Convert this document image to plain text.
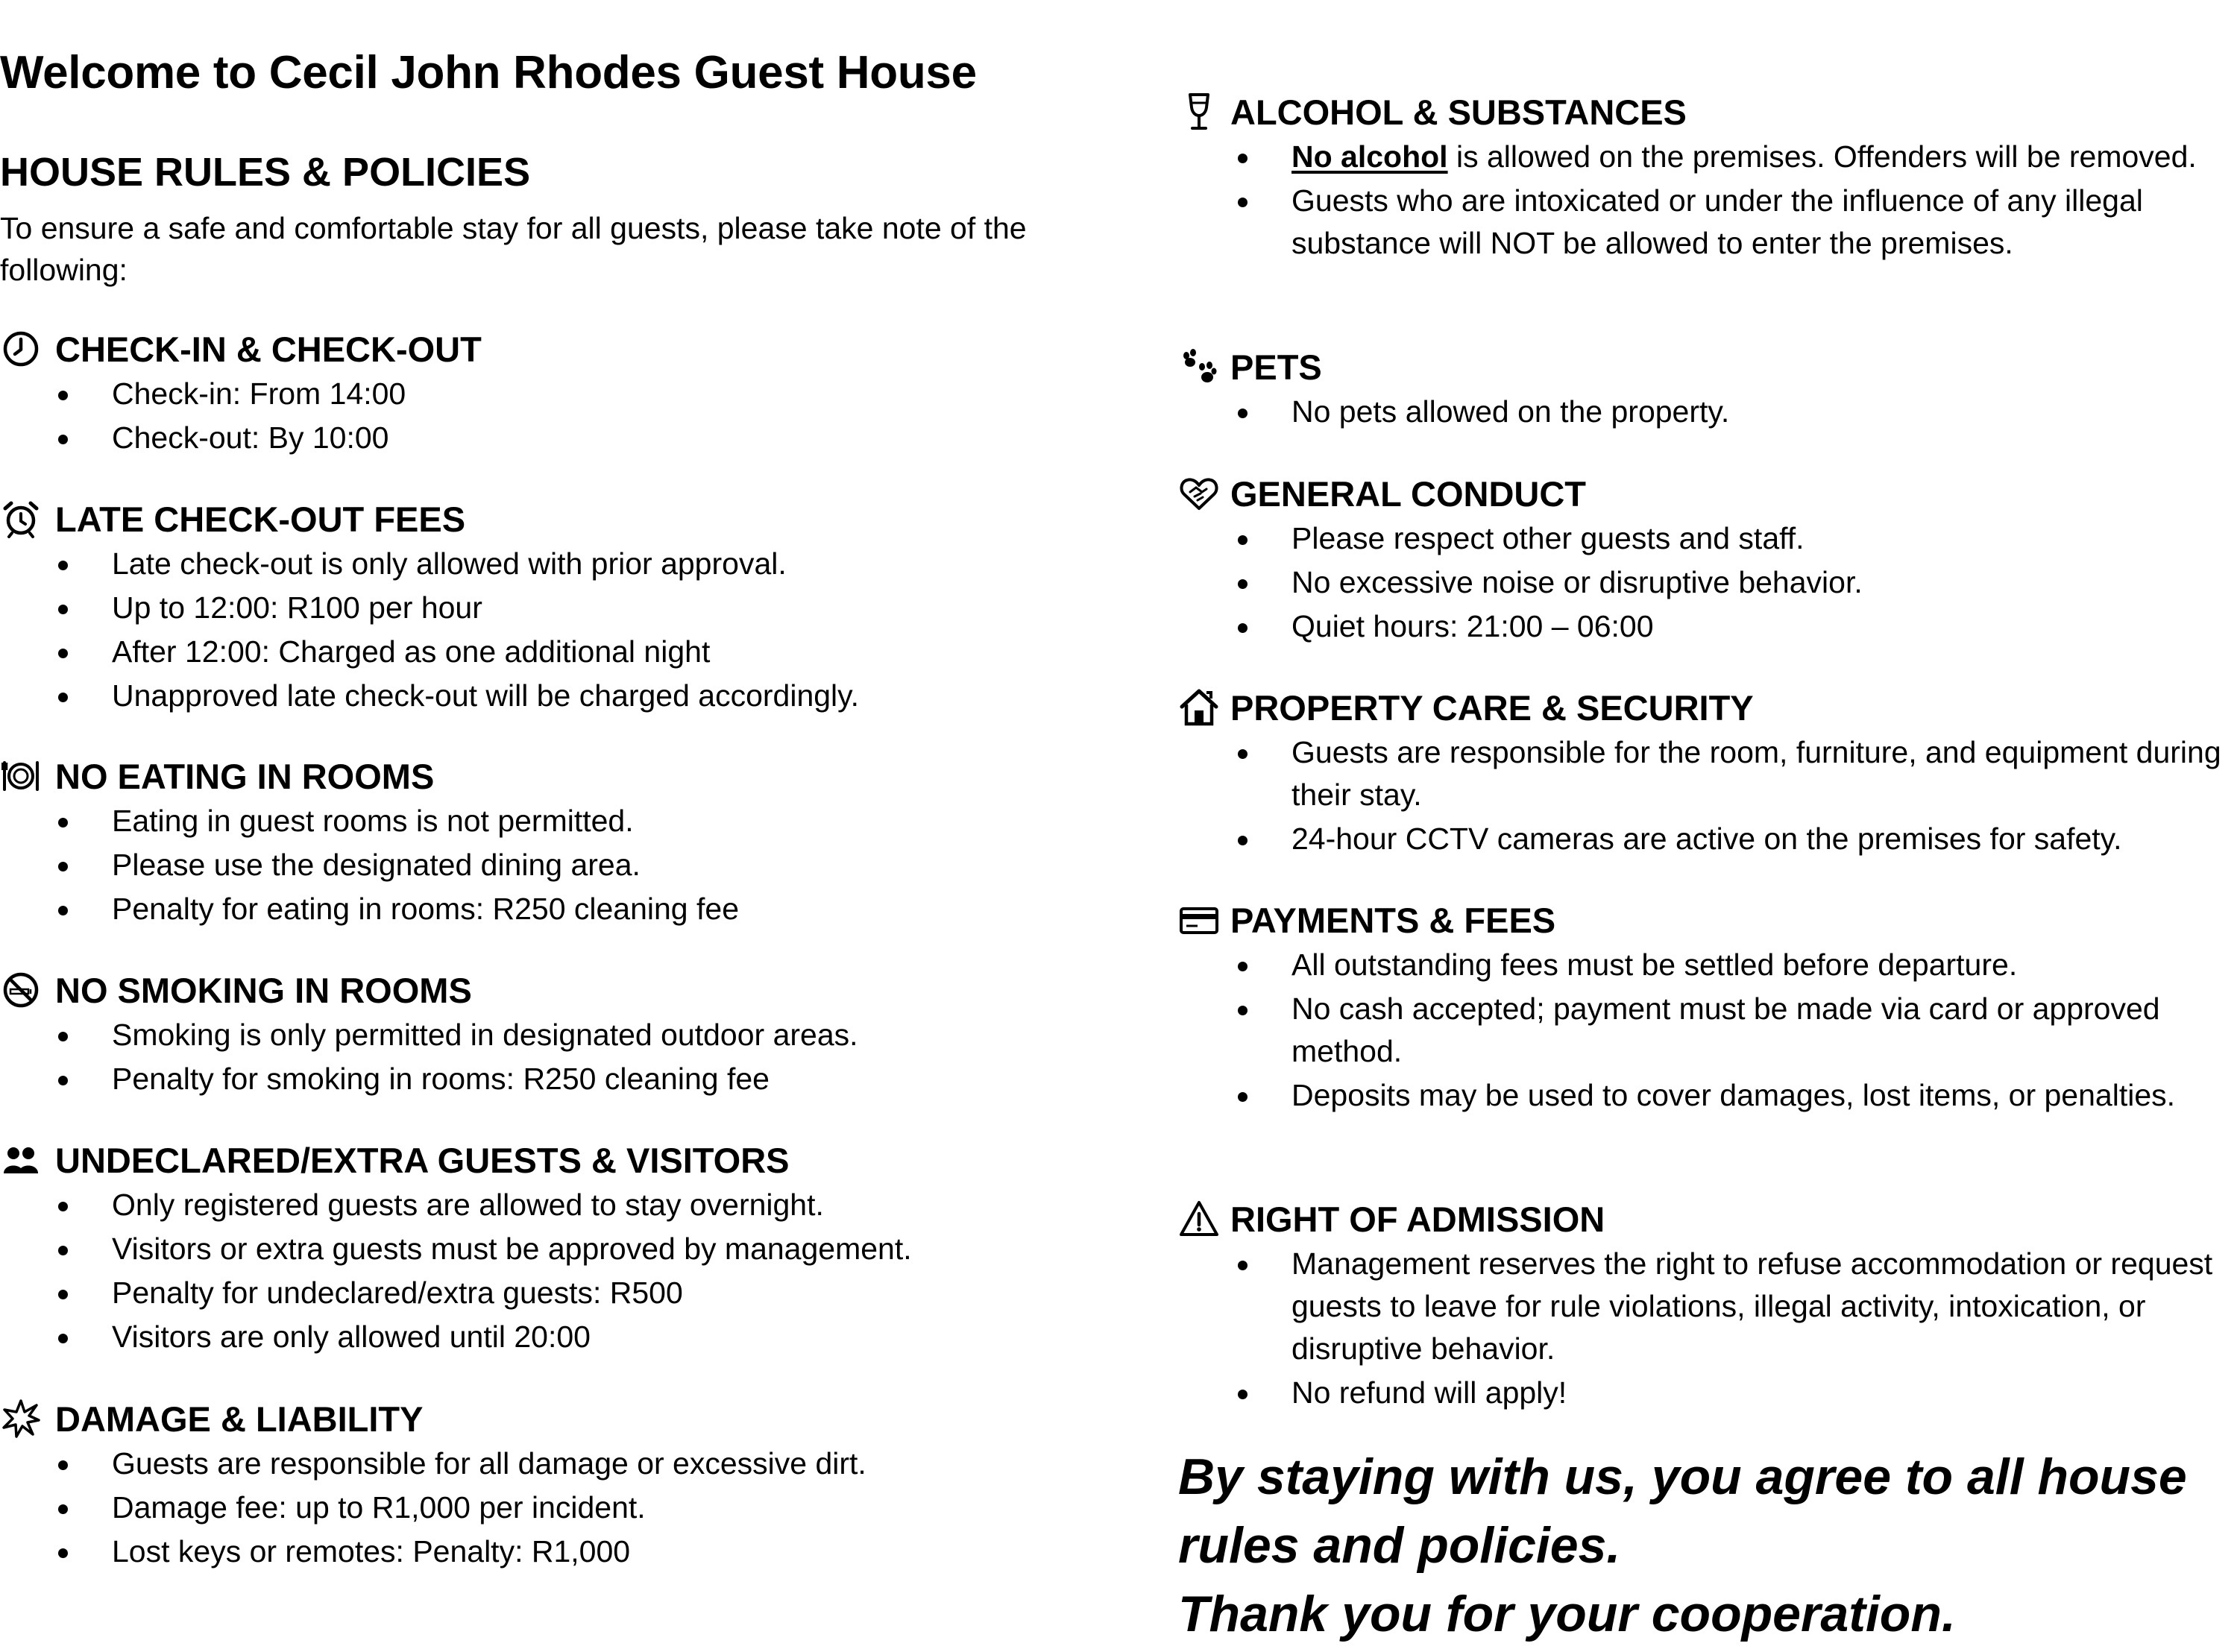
Welcome to Cecil John Rhodes Guest House
HOUSE RULES & POLICIES

To ensure a safe and comfortable stay for all guests, please take note of the following:

CHECK-IN & CHECK-OUT
Check-in: From 14:00
Check-out: By 10:00
LATE CHECK-OUT FEES
Late check-out is only allowed with prior approval.
Up to 12:00: R100 per hour
After 12:00: Charged as one additional night
Unapproved late check-out will be charged accordingly.
NO EATING IN ROOMS
Eating in guest rooms is not permitted.
Please use the designated dining area.
Penalty for eating in rooms: R250 cleaning fee
NO SMOKING IN ROOMS
Smoking is only permitted in designated outdoor areas.
Penalty for smoking in rooms: R250 cleaning fee
UNDECLARED/EXTRA GUESTS & VISITORS
Only registered guests are allowed to stay overnight.
Visitors or extra guests must be approved by management.
Penalty for undeclared/extra guests: R500
Visitors are only allowed until 20:00
DAMAGE & LIABILITY
Guests are responsible for all damage or excessive dirt.
Damage fee: up to R1,000 per incident.
Lost keys or remotes: Penalty: R1,000
ALCOHOL & SUBSTANCES
No alcohol is allowed on the premises. Offenders will be removed.
Guests who are intoxicated or under the influence of any illegal substance will NOT be allowed to enter the premises.
PETS
No pets allowed on the property.
GENERAL CONDUCT
Please respect other guests and staff.
No excessive noise or disruptive behavior.
Quiet hours: 21:00 – 06:00
PROPERTY CARE & SECURITY
Guests are responsible for the room, furniture, and equipment during their stay.
24-hour CCTV cameras are active on the premises for safety.
PAYMENTS & FEES
All outstanding fees must be settled before departure.
No cash accepted; payment must be made via card or approved method.
Deposits may be used to cover damages, lost items, or penalties.
RIGHT OF ADMISSION
Management reserves the right to refuse accommodation or request guests to leave for rule violations, illegal activity, intoxication, or disruptive behavior.
No refund will apply!
By staying with us, you agree to all house rules and policies.
Thank you for your cooperation.
